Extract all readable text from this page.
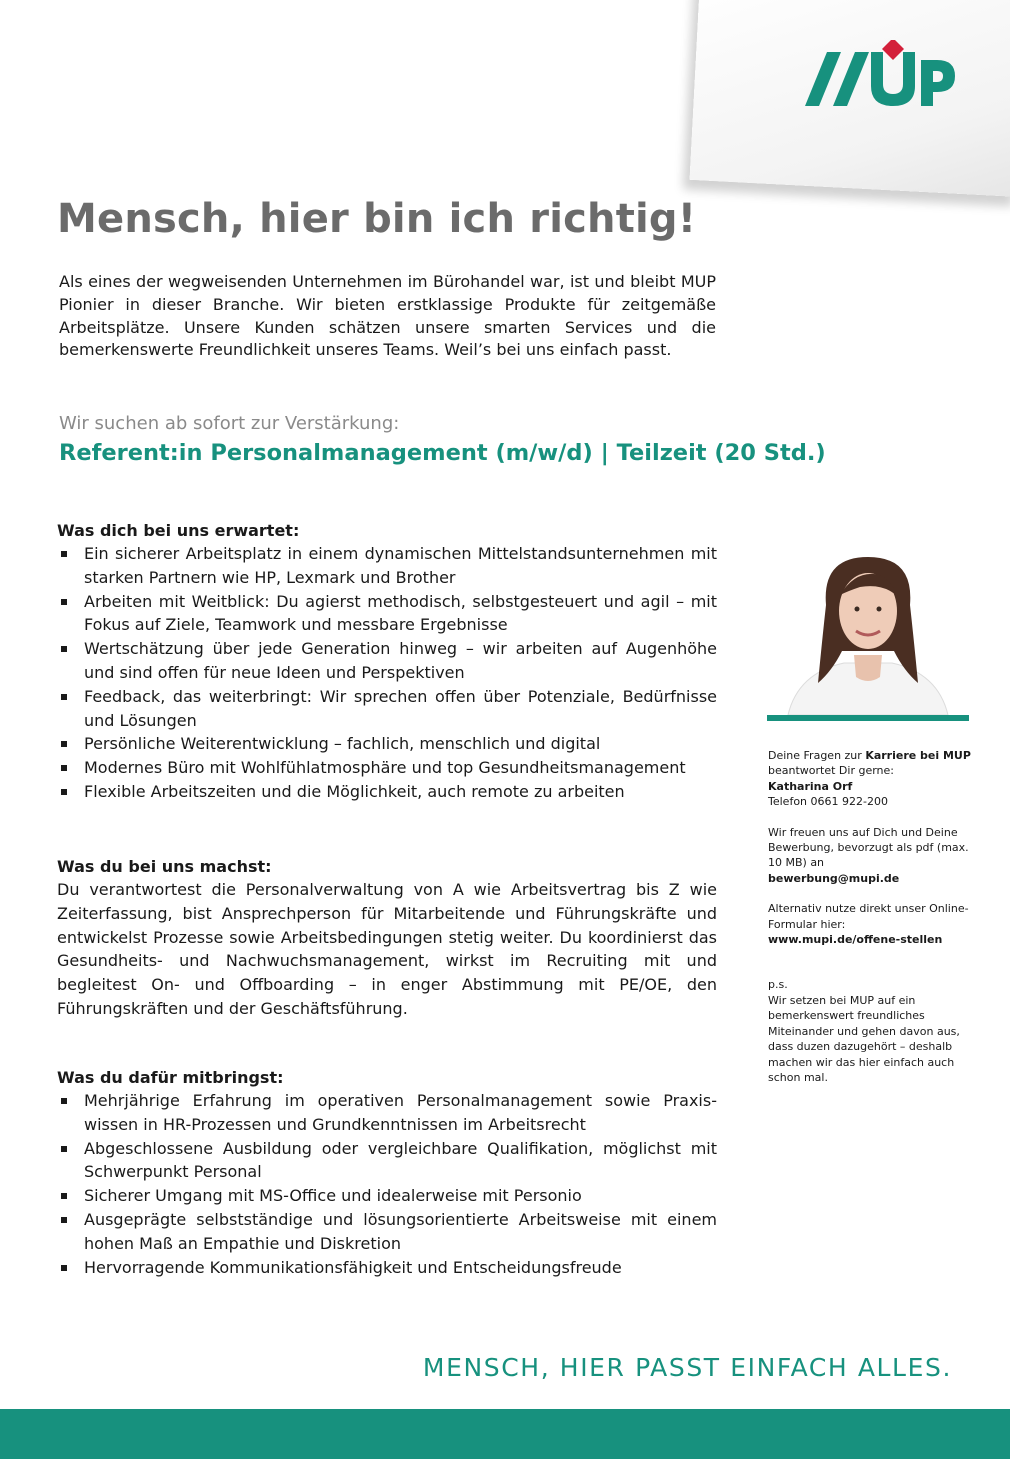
Mensch, hier bin ich richtig!

Als eines der wegweisenden Unternehmen im Bürohandel war, ist und bleibt MUP Pionier in dieser Branche. Wir bieten erstklassige Produkte für zeitgemäße Arbeitsplätze. Unsere Kunden schätzen unsere smarten Services und die bemerkenswerte Freundlichkeit unseres Teams. Weil’s bei uns einfach passt.

Wir suchen ab sofort zur Verstärkung:

Referent:in Personalmanagement (m/w/d) | Teilzeit (20 Std.)
Was dich bei uns erwartet:
Ein sicherer Arbeitsplatz in einem dynamischen Mittelstandsunternehmen mit starken Partnern wie HP, Lexmark und Brother
Arbeiten mit Weitblick: Du agierst methodisch, selbstgesteuert und agil – mit Fokus auf Ziele, Teamwork und messbare Ergebnisse
Wertschätzung über jede Generation hinweg – wir arbeiten auf Augenhöhe und sind offen für neue Ideen und Perspektiven
Feedback, das weiterbringt: Wir sprechen offen über Potenziale, Bedürfnisse und Lösungen
Persönliche Weiterentwicklung – fachlich, menschlich und digital
Modernes Büro mit Wohlfühlatmosphäre und top Gesundheitsmanagement
Flexible Arbeitszeiten und die Möglichkeit, auch remote zu arbeiten
Was du bei uns machst:

Du verantwortest die Personalverwaltung von A wie Arbeitsvertrag bis Z wie Zeiterfassung, bist Ansprechperson für Mitarbeitende und Führungskräfte und entwickelst Prozesse sowie Arbeitsbedingungen stetig weiter. Du koordinierst das Gesundheits- und Nachwuchsmanagement, wirkst im Recruiting mit und begleitest On- und Offboarding – in enger Abstimmung mit PE/OE, den Führungskräften und der Geschäftsführung.

Was du dafür mitbringst:
Mehrjährige Erfahrung im operativen Personalmanagement sowie Praxiswissen in HR-Prozessen und Grundkenntnissen im Arbeitsrecht
Abgeschlossene Ausbildung oder vergleichbare Qualifikation, möglichst mit Schwerpunkt Personal
Sicherer Umgang mit MS-Office und idealerweise mit Personio
Ausgeprägte selbstständige und lösungsorientierte Arbeitsweise mit einem hohen Maß an Empathie und Diskretion
Hervorragende Kommunikationsfähigkeit und Entscheidungsfreude

Deine Fragen zur Karriere bei MUP beantwortet Dir gerne:
Katharina Orf
Telefon 0661 922-200

Wir freuen uns auf Dich und Deine Bewerbung, bevorzugt als pdf (max. 10 MB) an
bewerbung@mupi.de

Alternativ nutze direkt unser Online-Formular hier:
www.mupi.de/offene-stellen

p.s.
Wir setzen bei MUP auf ein bemerkenswert freundliches Miteinander und gehen davon aus, dass duzen dazugehört – deshalb machen wir das hier einfach auch schon mal.

MENSCH, HIER PASST EINFACH ALLES.
